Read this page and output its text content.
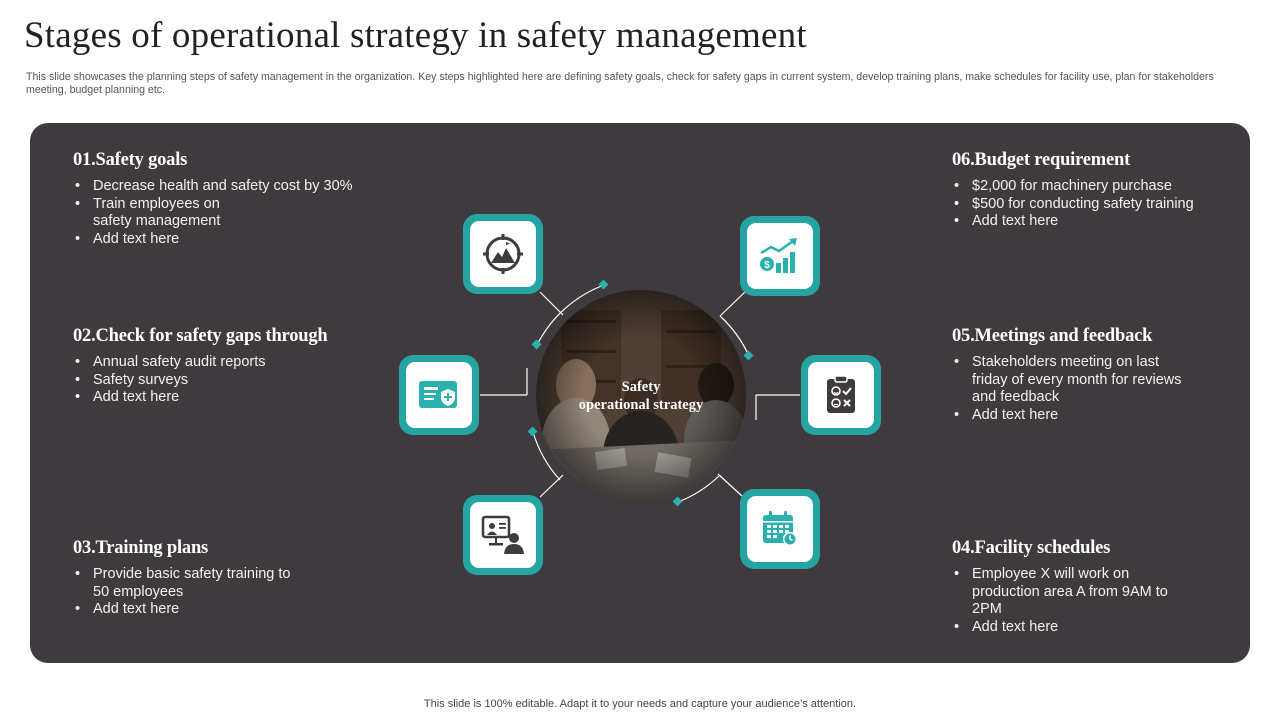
Stages of operational strategy in safety management

This slide showcases the planning steps of safety management in the organization. Key steps highlighted here are defining safety goals, check for safety gaps in current system, develop training plans, make schedules for facility use, plan for stakeholders meeting, budget planning etc.

01.Safety goals
• Decrease health and safety cost by 30%
• Train employees on safety management
• Add text here
02.Check for safety gaps through
• Annual safety audit reports
• Safety surveys
• Add text here
03.Training plans
• Provide basic safety training to 50 employees
• Add text here
06.Budget requirement
• $2,000 for machinery purchase
• $500 for conducting safety training
• Add text here
05.Meetings and feedback
• Stakeholders meeting on last friday of every month for reviews and feedback
• Add text here
04.Facility schedules
• Employee X will work on production area A from 9AM to 2PM
• Add text here
Safety
operational strategy
$

This slide is 100% editable. Adapt it to your needs and capture your audience’s attention.
